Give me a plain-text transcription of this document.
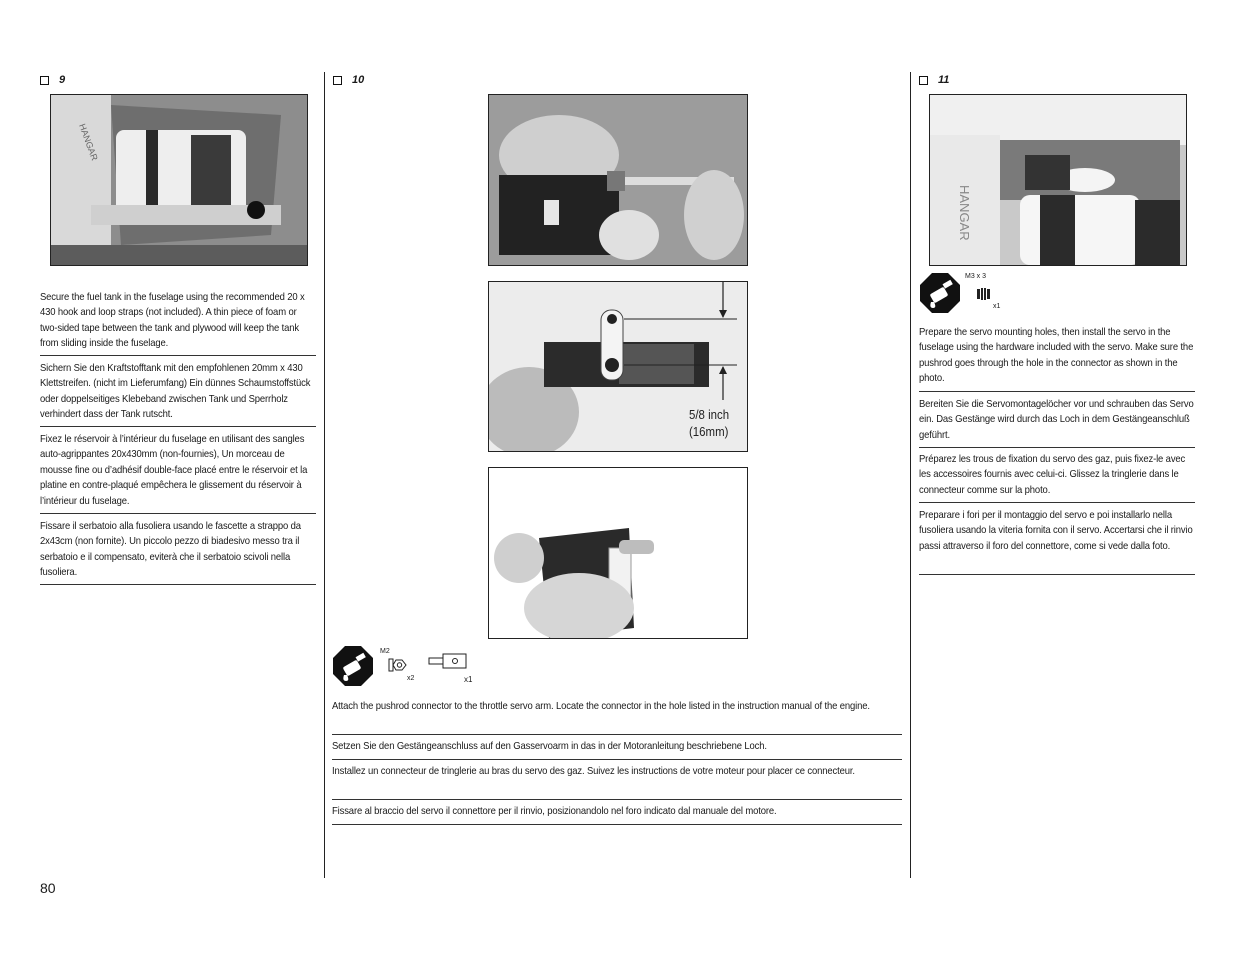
9
HANGAR
Secure the fuel tank in the fuselage using the recommended 20 x 430 hook and loop straps (not included). A thin piece of foam or two-sided tape between the tank and plywood will keep the tank from sliding inside the fuselage.
Sichern Sie den Kraftstofftank mit den empfohlenen 20mm x 430 Klettstreifen. (nicht im Lieferumfang) Ein dünnes Schaumstoffstück oder doppelseitiges Klebeband zwischen Tank und Sperrholz verhindert dass der Tank rutscht.
Fixez le réservoir à l’intérieur du fuselage en utilisant des sangles auto-agrippantes 20x430mm (non-fournies), Un morceau de mousse fine ou d’adhésif double-face placé entre le réservoir et la platine en contre-plaqué empêchera le glissement du réservoir à l’intérieur du fuselage.
Fissare il serbatoio alla fusoliera usando le fascette a strappo da 2x43cm (non fornite). Un piccolo pezzo di biadesivo messo tra il serbatoio e il compensato, eviterà che il serbatoio scivoli nella fusoliera.
10
5/8 inch
(16mm)
M2
x2	x1
Attach the pushrod connector to the throttle servo arm. Locate the connector in the hole listed in the instruction manual of the engine.
Setzen Sie den Gestängeanschluss auf den Gasservoarm in das in der Motoranleitung beschriebene Loch.
Installez un connecteur de tringlerie au bras du servo des gaz. Suivez les instructions de votre moteur pour placer ce connecteur.
Fissare al braccio del servo il connettore per il rinvio, posizionandolo nel foro indicato dal manuale del motore.
11
HANGAR
M3 x 3
x1
Prepare the servo mounting holes, then install the servo in the fuselage using the hardware included with the servo. Make sure the pushrod goes through the hole in the connector as shown in the photo.
Bereiten Sie die Servomontagelöcher vor und schrauben das Servo ein. Das Gestänge wird durch das Loch in dem Gestängeanschluß geführt.
Préparez les trous de fixation du servo des gaz, puis fixez-le avec les accessoires fournis avec celui-ci. Glissez la tringlerie dans le connecteur comme sur la photo.
Preparare i fori per il montaggio del servo e poi installarlo nella fusoliera usando la viteria fornita con il servo. Accertarsi che il rinvio passi attraverso il foro del connettore, come si vede dalla foto.
80
